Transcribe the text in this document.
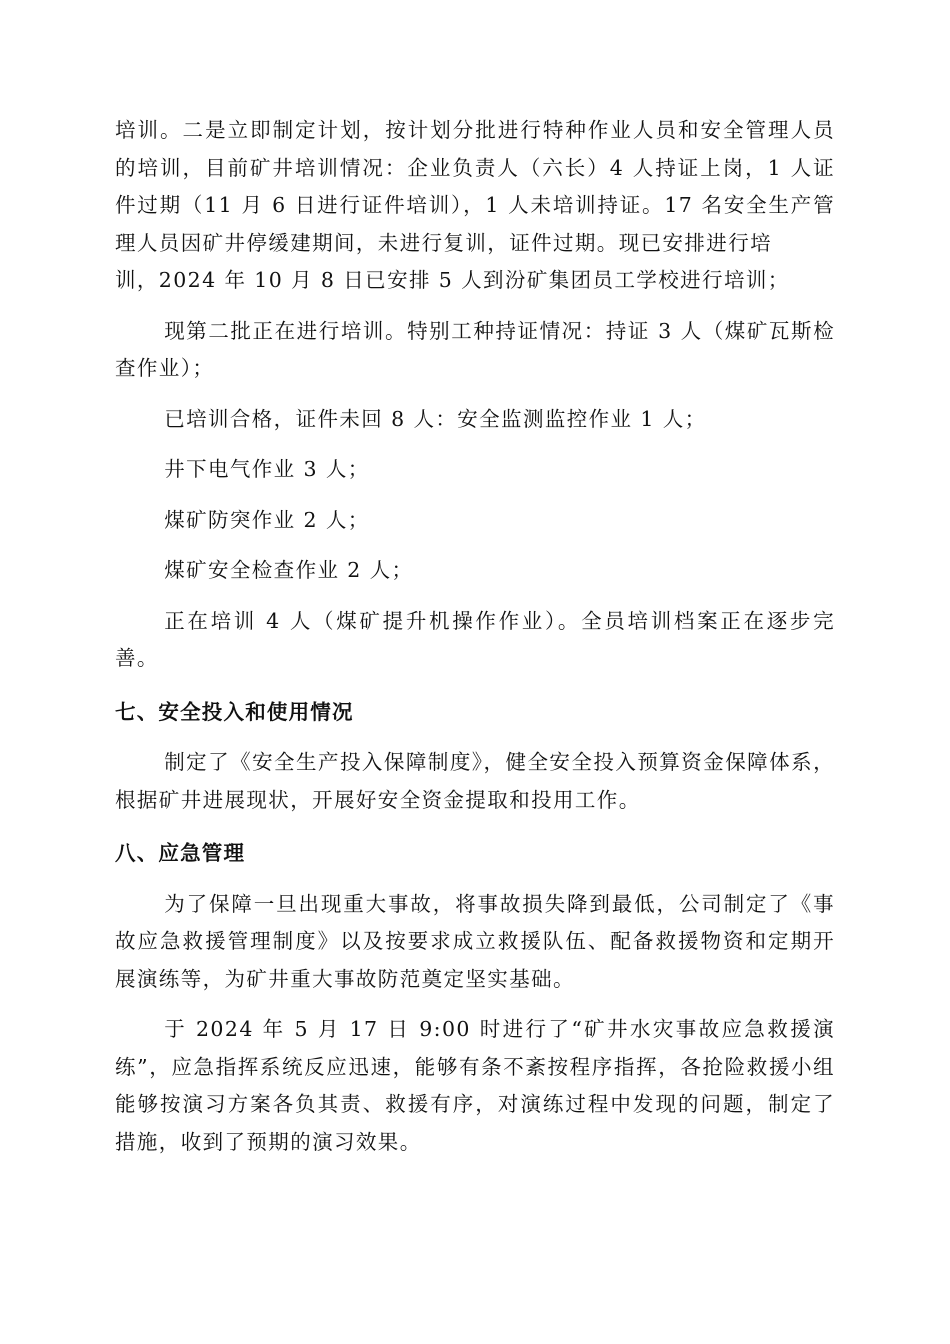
培训。二是立即制定计划，按计划分批进行特种作业人员和安全管理人员的培训，目前矿井培训情况：企业负责人（六长）4 人持证上岗，1 人证件过期（11 月 6 日进行证件培训），1 人未培训持证。17 名安全生产管理人员因矿井停缓建期间，未进行复训，证件过期。现已安排进行培

训，2024 年 10 月 8 日已安排 5 人到汾矿集团员工学校进行培训；

现第二批正在进行培训。特别工种持证情况：持证 3 人（煤矿瓦斯检查作业）；

已培训合格，证件未回 8 人：安全监测监控作业 1 人；

井下电气作业 3 人；

煤矿防突作业 2 人；

煤矿安全检查作业 2 人；

正在培训 4 人（煤矿提升机操作作业）。全员培训档案正在逐步完善。

七、安全投入和使用情况

制定了《安全生产投入保障制度》，健全安全投入预算资金保障体系，根据矿井进展现状，开展好安全资金提取和投用工作。

八、应急管理

为了保障一旦出现重大事故，将事故损失降到最低，公司制定了《事故应急救援管理制度》以及按要求成立救援队伍、配备救援物资和定期开展演练等，为矿井重大事故防范奠定坚实基础。

于 2024 年 5 月 17 日 9:00 时进行了“矿井水灾事故应急救援演练”，应急指挥系统反应迅速，能够有条不紊按程序指挥，各抢险救援小组能够按演习方案各负其责、救援有序，对演练过程中发现的问题，制定了措施，收到了预期的演习效果。
